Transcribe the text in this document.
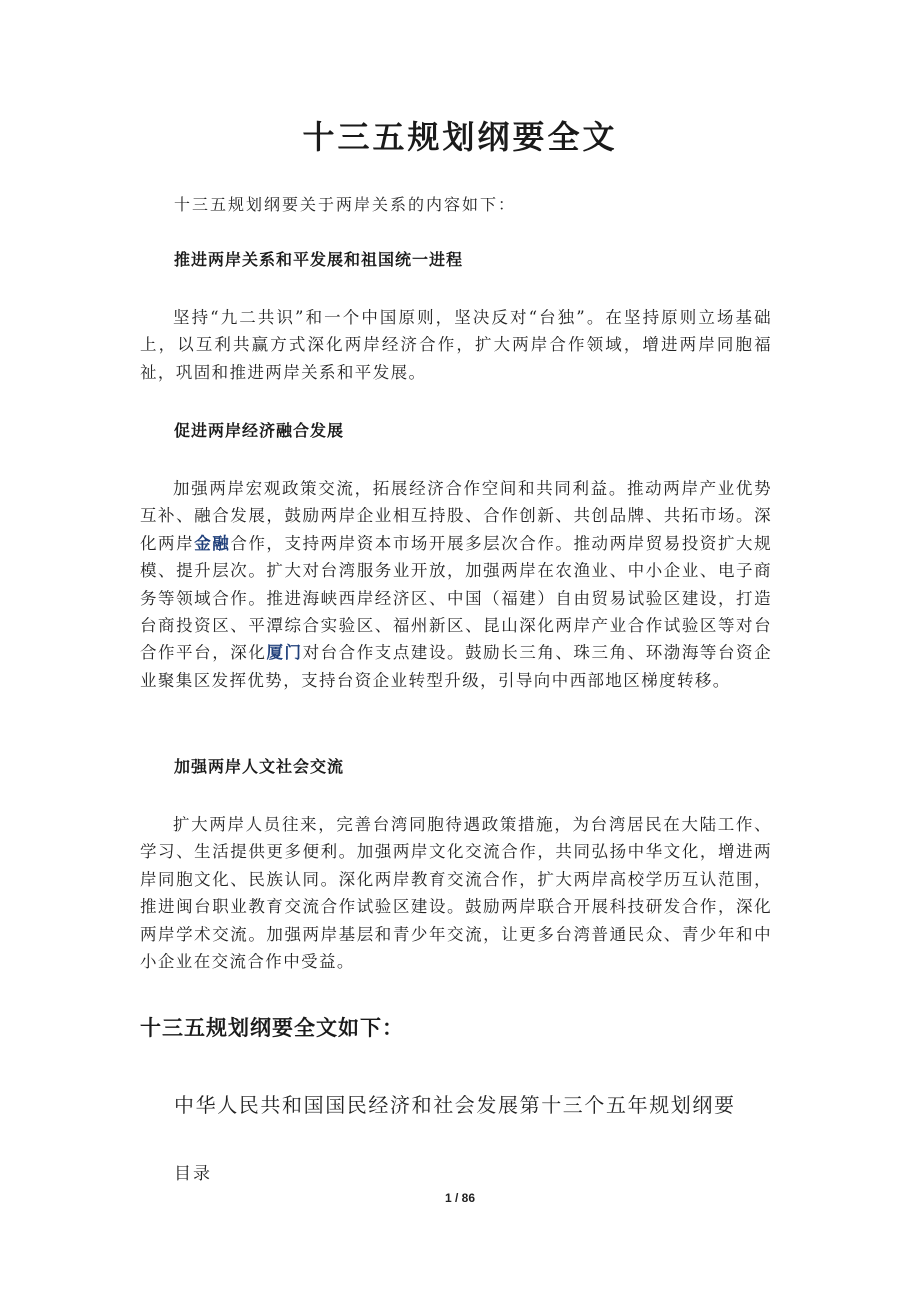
十三五规划纲要全文

十三五规划纲要关于两岸关系的内容如下：

推进两岸关系和平发展和祖国统一进程

坚持“九二共识”和一个中国原则，坚决反对“台独”。在坚持原则立场基础上，以互利共赢方式深化两岸经济合作，扩大两岸合作领域，增进两岸同胞福祉，巩固和推进两岸关系和平发展。

促进两岸经济融合发展

加强两岸宏观政策交流，拓展经济合作空间和共同利益。推动两岸产业优势互补、融合发展，鼓励两岸企业相互持股、合作创新、共创品牌、共拓市场。深化两岸金融合作，支持两岸资本市场开展多层次合作。推动两岸贸易投资扩大规模、提升层次。扩大对台湾服务业开放，加强两岸在农渔业、中小企业、电子商务等领域合作。推进海峡西岸经济区、中国（福建）自由贸易试验区建设，打造台商投资区、平潭综合实验区、福州新区、昆山深化两岸产业合作试验区等对台合作平台，深化厦门对台合作支点建设。鼓励长三角、珠三角、环渤海等台资企业聚集区发挥优势，支持台资企业转型升级，引导向中西部地区梯度转移。

加强两岸人文社会交流

扩大两岸人员往来，完善台湾同胞待遇政策措施，为台湾居民在大陆工作、学习、生活提供更多便利。加强两岸文化交流合作，共同弘扬中华文化，增进两岸同胞文化、民族认同。深化两岸教育交流合作，扩大两岸高校学历互认范围，推进闽台职业教育交流合作试验区建设。鼓励两岸联合开展科技研发合作，深化两岸学术交流。加强两岸基层和青少年交流，让更多台湾普通民众、青少年和中小企业在交流合作中受益。

十三五规划纲要全文如下：

中华人民共和国国民经济和社会发展第十三个五年规划纲要

目录

1 / 86
